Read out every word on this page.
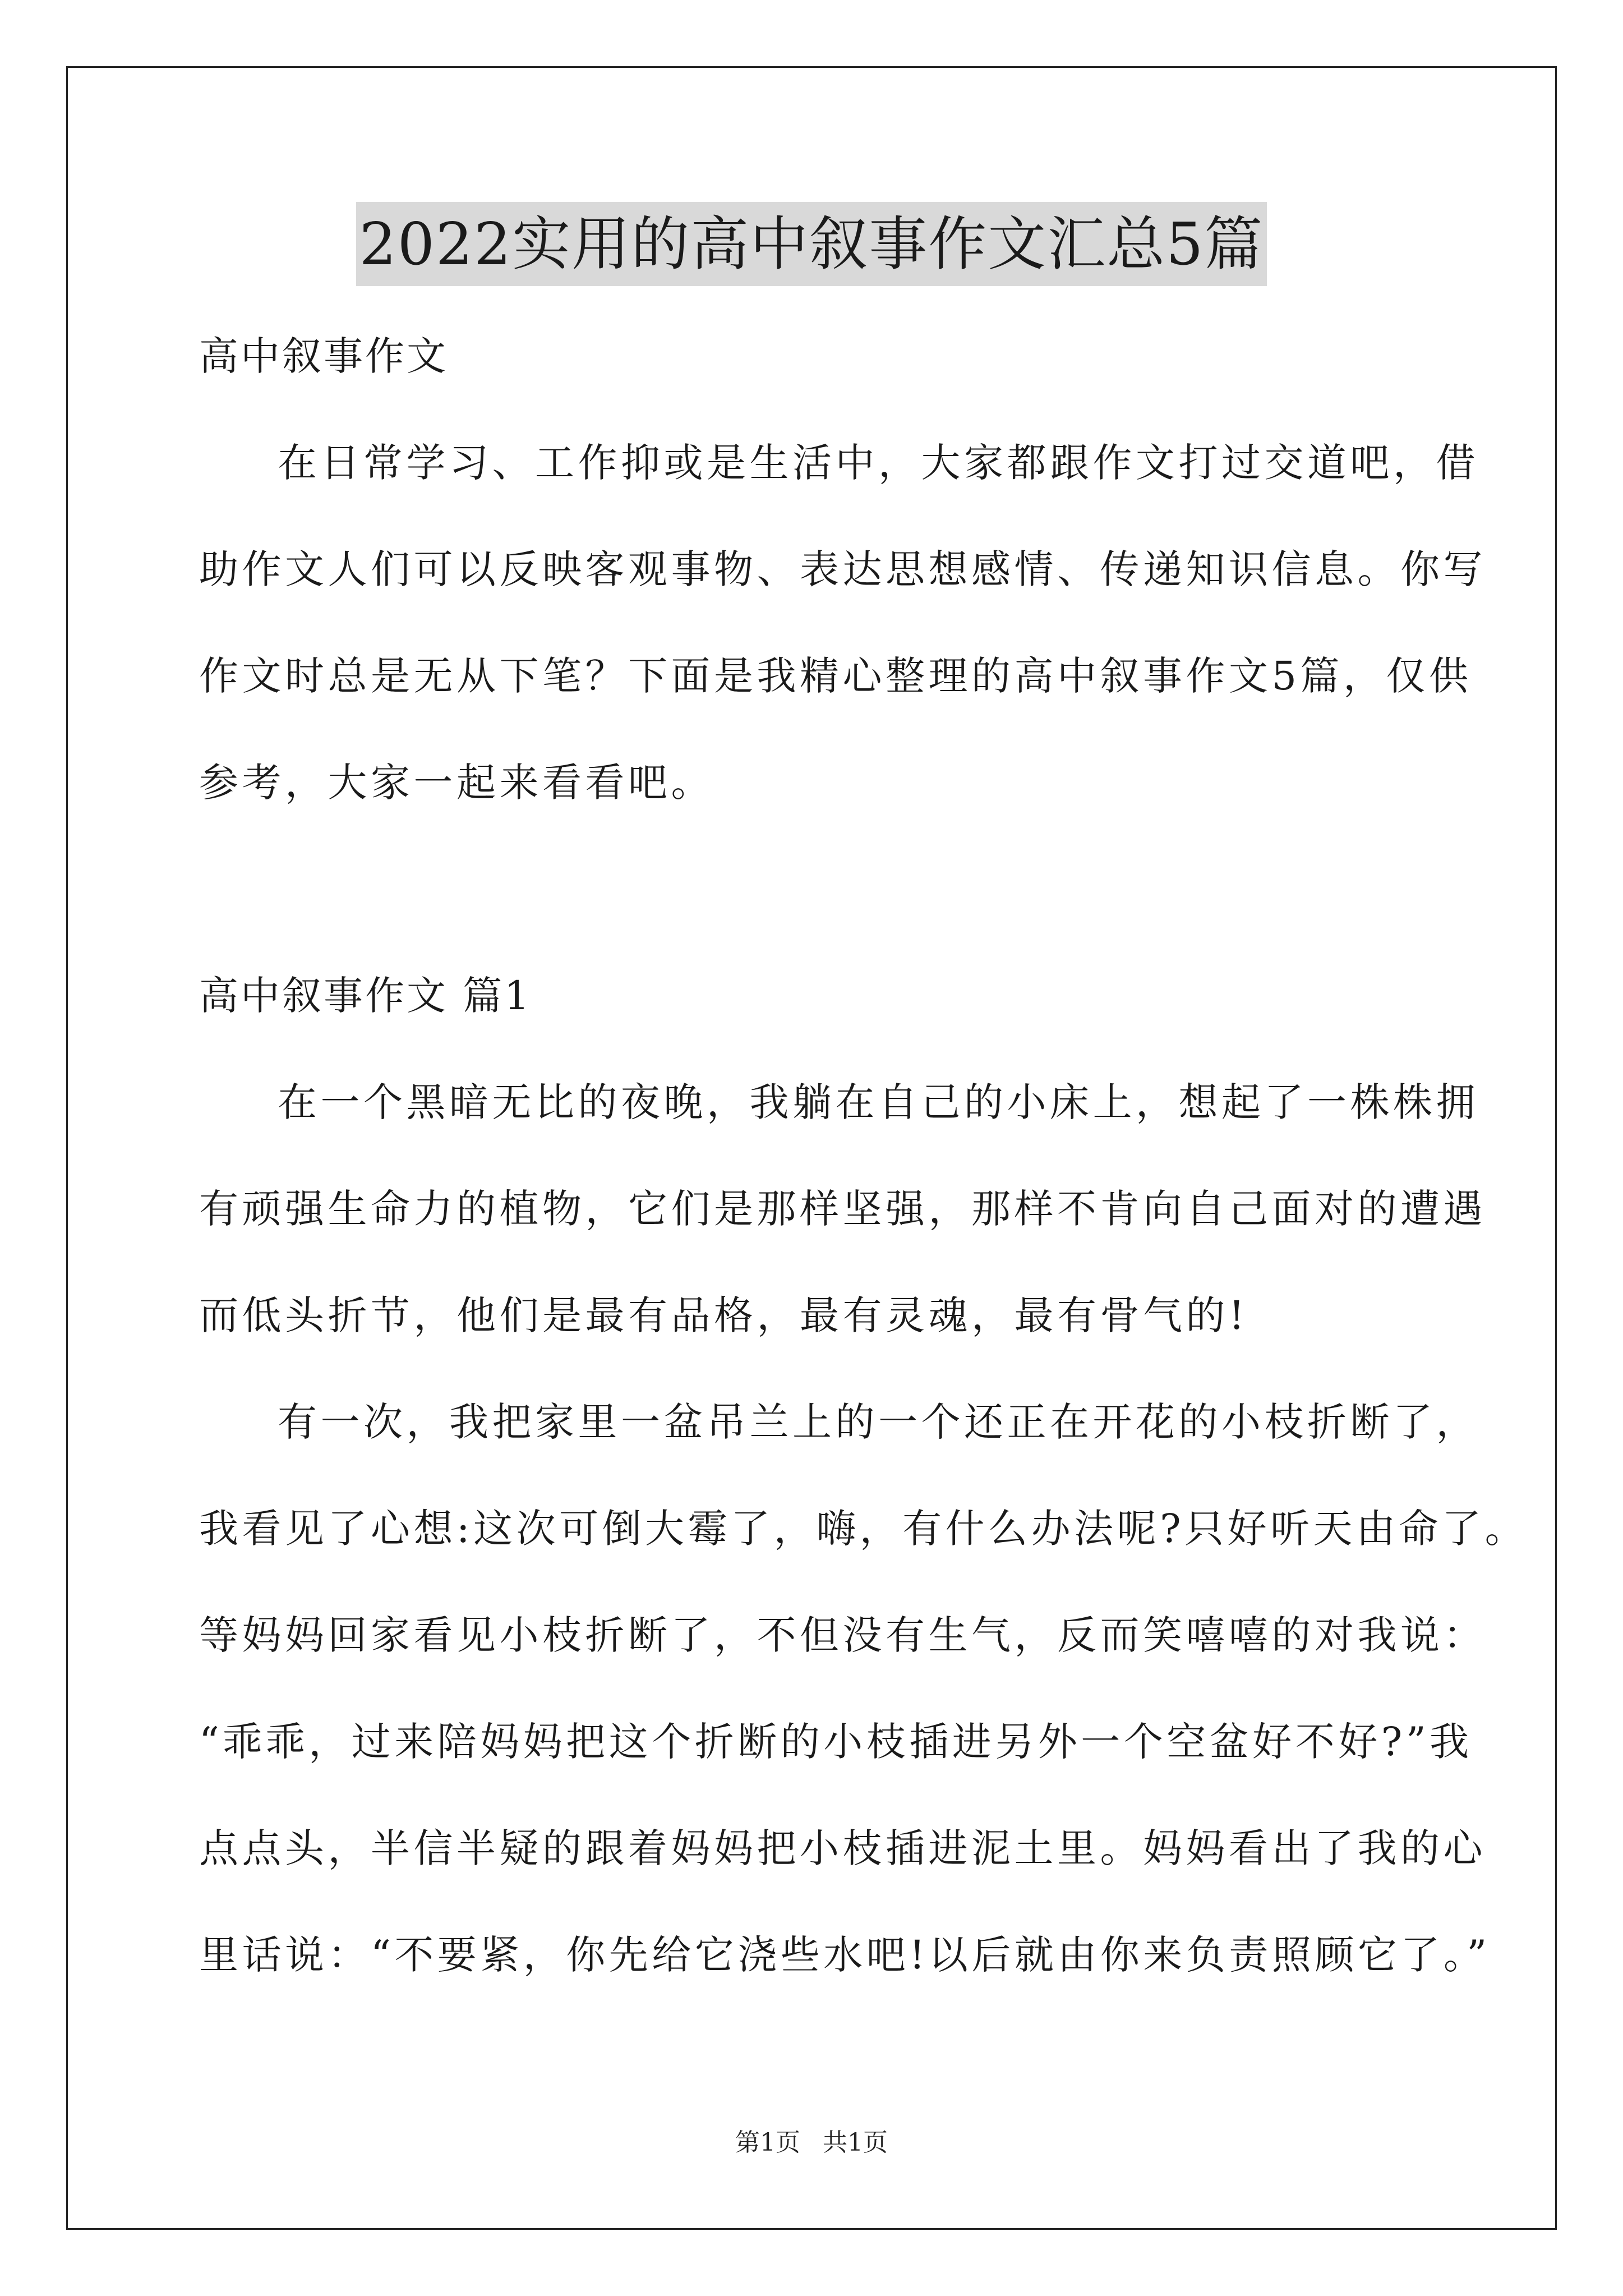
2022实用的高中叙事作文汇总5篇
高中叙事作文
在日常学习、工作抑或是生活中，大家都跟作文打过交道吧，借
助作文人们可以反映客观事物、表达思想感情、传递知识信息。你写
作文时总是无从下笔？下面是我精心整理的高中叙事作文5篇，仅供
参考，大家一起来看看吧。
高中叙事作文 篇1
在一个黑暗无比的夜晚，我躺在自己的小床上，想起了一株株拥
有顽强生命力的植物，它们是那样坚强，那样不肯向自己面对的遭遇
而低头折节，他们是最有品格，最有灵魂，最有骨气的!
有一次，我把家里一盆吊兰上的一个还正在开花的小枝折断了，
我看见了心想:这次可倒大霉了，嗨，有什么办法呢?只好听天由命了。
等妈妈回家看见小枝折断了，不但没有生气，反而笑嘻嘻的对我说：
“乖乖，过来陪妈妈把这个折断的小枝插进另外一个空盆好不好?”我
点点头，半信半疑的跟着妈妈把小枝插进泥土里。妈妈看出了我的心
里话说：“不要紧，你先给它浇些水吧!以后就由你来负责照顾它了。”
第1页 共1页
